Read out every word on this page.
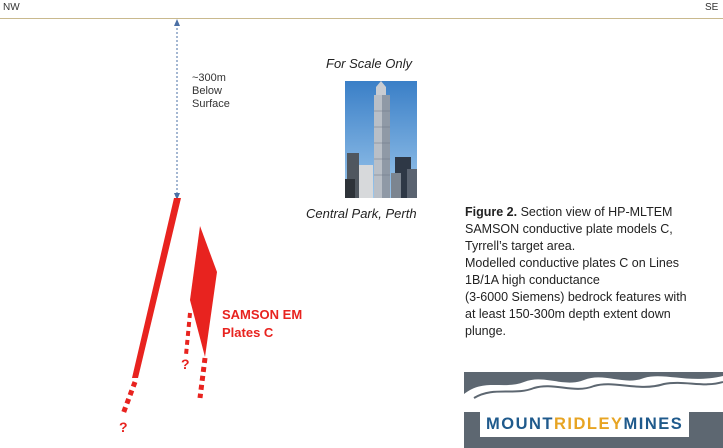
NW	SE
~300m
Below
Surface
For Scale Only
Central Park, Perth
SAMSON EM
Plates C
?
?
Figure 2. Section view of HP-MLTEM
SAMSON conductive plate models C,
Tyrrell’s target area.
Modelled conductive plates C on Lines
1B/1A high conductance
(3-6000 Siemens) bedrock features with
at least 150-300m depth extent down
plunge.
MOUNTRIDLEYMINES
